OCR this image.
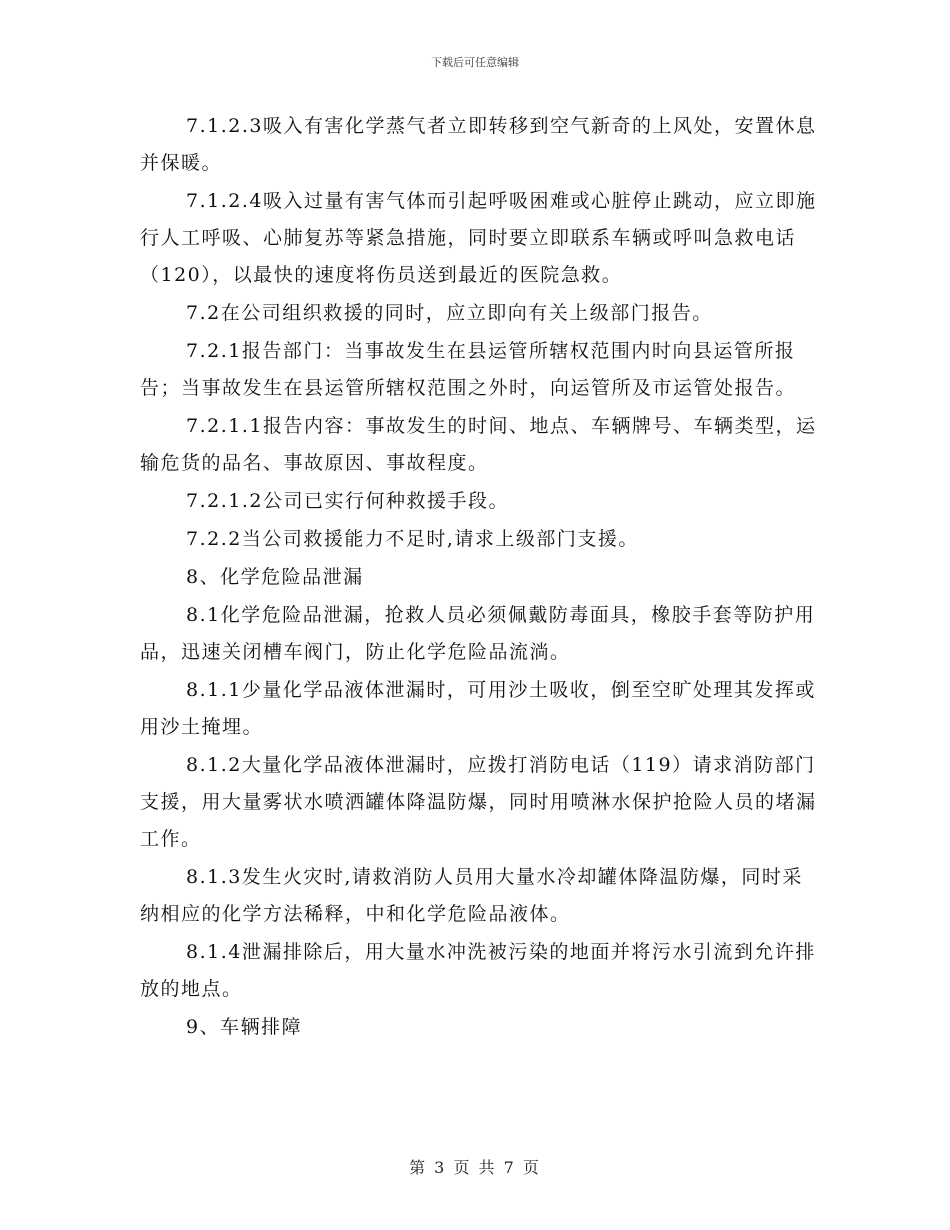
下载后可任意编辑

7.1.2.3吸入有害化学蒸气者立即转移到空气新奇的上风处，安置休息并保暖。

7.1.2.4吸入过量有害气体而引起呼吸困难或心脏停止跳动，应立即施行人工呼吸、心肺复苏等紧急措施，同时要立即联系车辆或呼叫急救电话（120），以最快的速度将伤员送到最近的医院急救。

7.2在公司组织救援的同时，应立即向有关上级部门报告。

7.2.1报告部门：当事故发生在县运管所辖权范围内时向县运管所报告；当事故发生在县运管所辖权范围之外时，向运管所及市运管处报告。

7.2.1.1报告内容：事故发生的时间、地点、车辆牌号、车辆类型，运输危货的品名、事故原因、事故程度。

7.2.1.2公司已实行何种救援手段。

7.2.2当公司救援能力不足时,请求上级部门支援。

8、化学危险品泄漏

8.1化学危险品泄漏，抢救人员必须佩戴防毒面具，橡胶手套等防护用品，迅速关闭槽车阀门，防止化学危险品流淌。

8.1.1少量化学品液体泄漏时，可用沙土吸收，倒至空旷处理其发挥或用沙土掩埋。

8.1.2大量化学品液体泄漏时，应拨打消防电话（119）请求消防部门支援，用大量雾状水喷洒罐体降温防爆，同时用喷淋水保护抢险人员的堵漏工作。

8.1.3发生火灾时,请救消防人员用大量水冷却罐体降温防爆，同时采纳相应的化学方法稀释，中和化学危险品液体。

8.1.4泄漏排除后，用大量水冲洗被污染的地面并将污水引流到允许排放的地点。

9、车辆排障

第 3 页 共 7 页
